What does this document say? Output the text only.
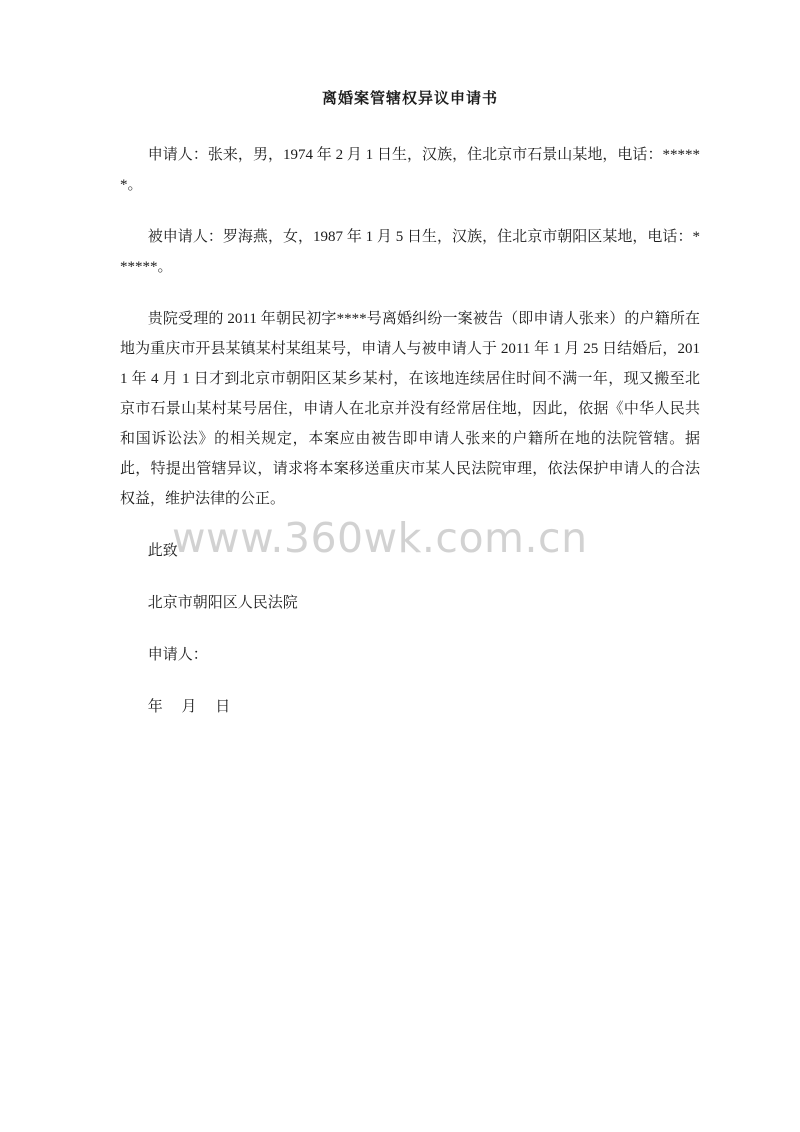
www.360wk.com.cn
离婚案管辖权异议申请书

申请人：张来，男，1974 年 2 月 1 日生，汉族，住北京市石景山某地，电话：******。

被申请人：罗海燕，女，1987 年 1 月 5 日生，汉族，住北京市朝阳区某地，电话：******。

贵院受理的 2011 年朝民初字****号离婚纠纷一案被告（即申请人张来）的户籍所在地为重庆市开县某镇某村某组某号，申请人与被申请人于 2011 年 1 月 25 日结婚后，2011 年 4 月 1 日才到北京市朝阳区某乡某村，在该地连续居住时间不满一年，现又搬至北京市石景山某村某号居住，申请人在北京并没有经常居住地，因此，依据《中华人民共和国诉讼法》的相关规定，本案应由被告即申请人张来的户籍所在地的法院管辖。据此，特提出管辖异议，请求将本案移送重庆市某人民法院审理，依法保护申请人的合法权益，维护法律的公正。

此致

北京市朝阳区人民法院

申请人：

年　 月　 日
